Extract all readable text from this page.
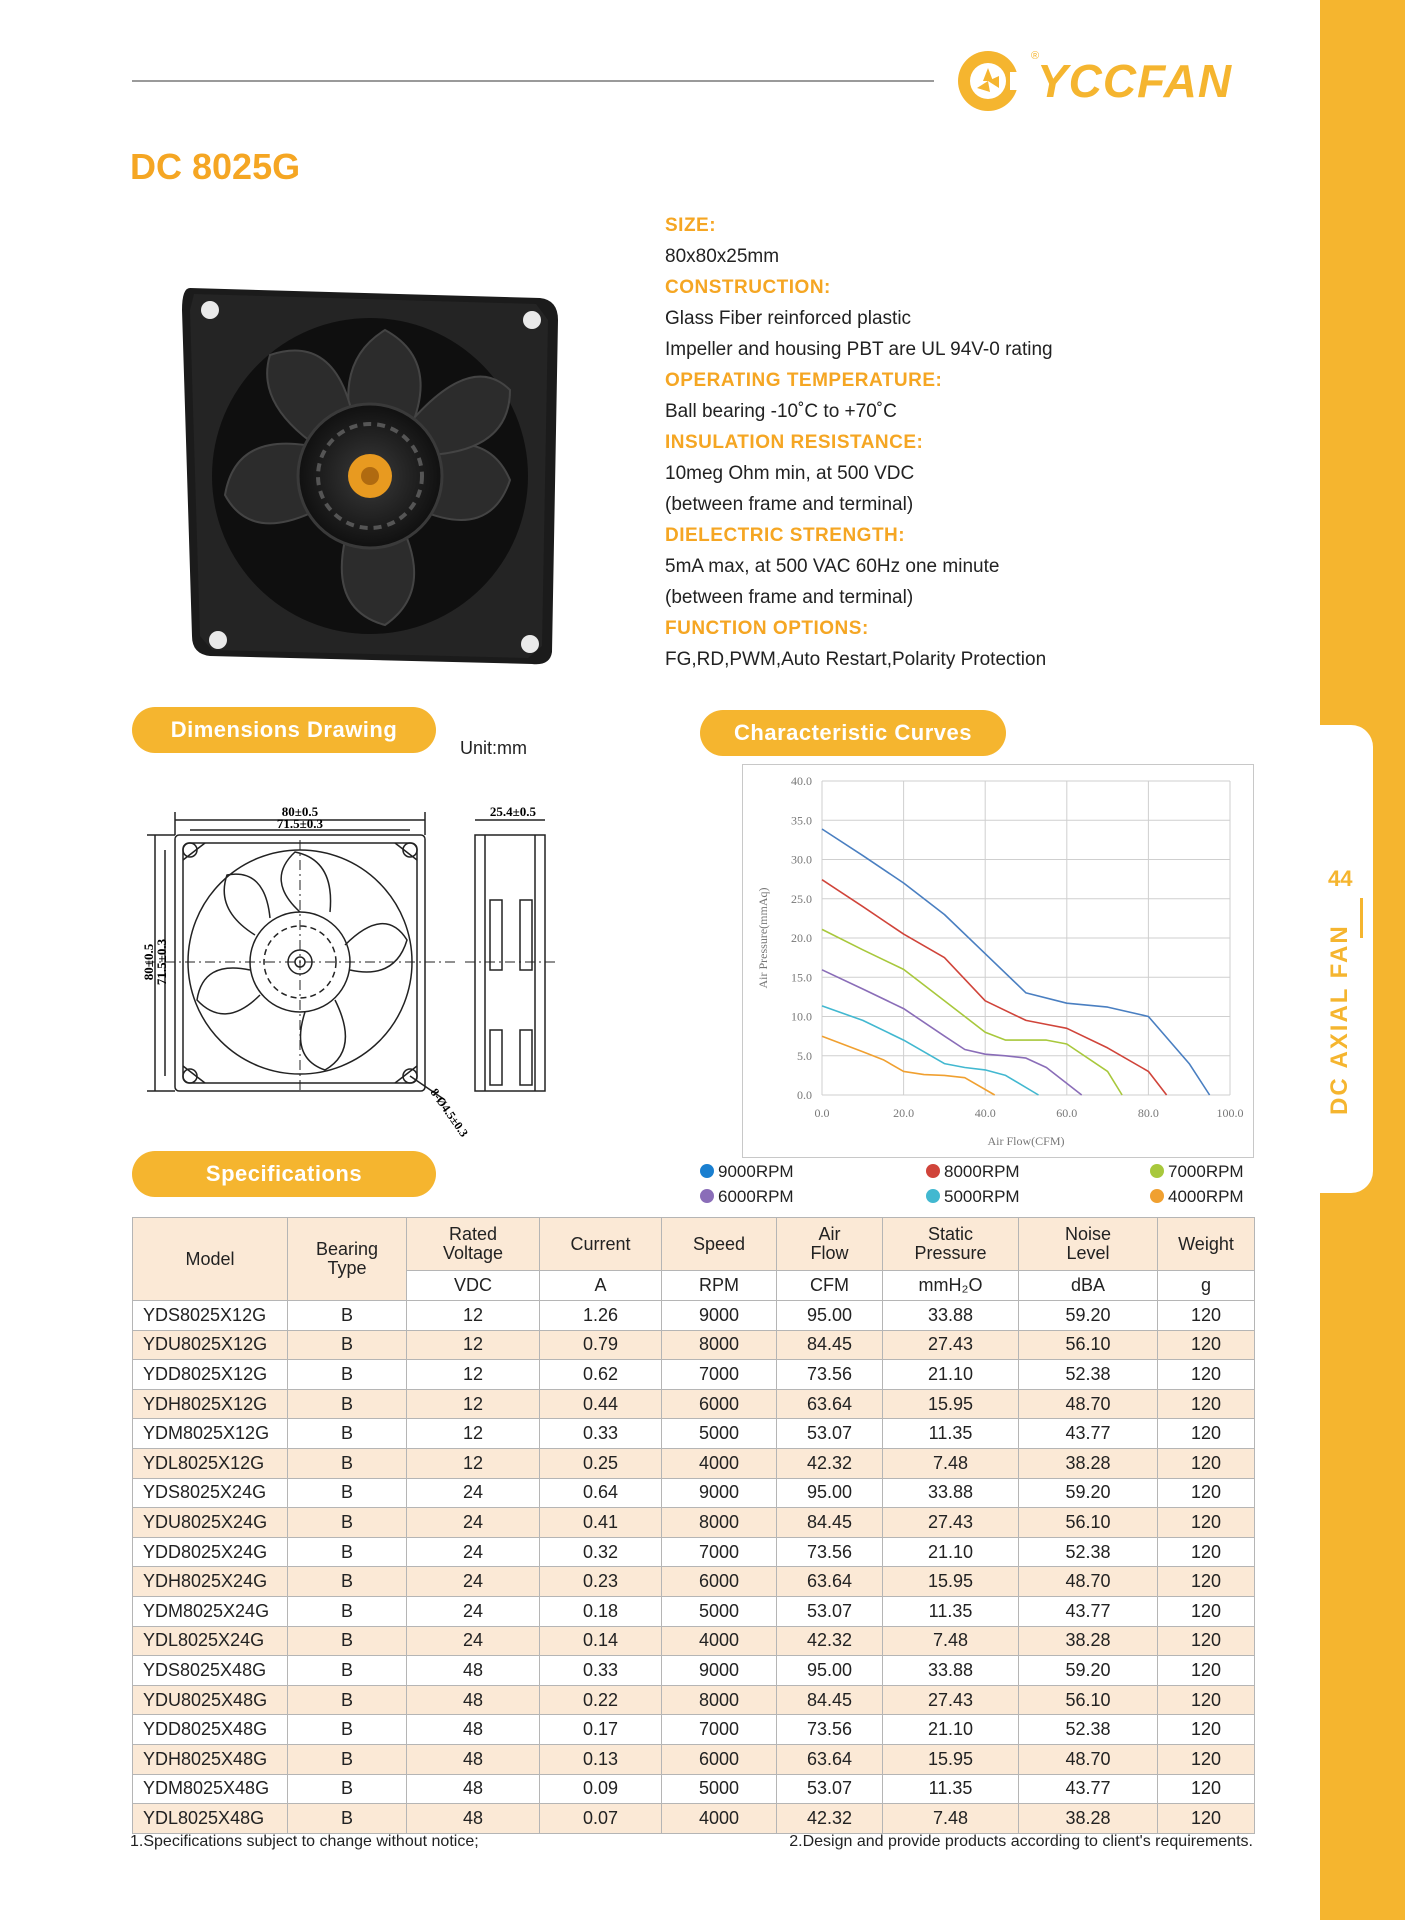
44
DC AXIAL FAN
®
YCCFAN
DC 8025G
SIZE:
80x80x25mm
CONSTRUCTION:
Glass Fiber reinforced plastic
Impeller and housing PBT are UL 94V-0 rating
OPERATING TEMPERATURE:
Ball bearing -10˚C to +70˚C
INSULATION RESISTANCE:
10meg Ohm min, at 500 VDC
(between frame and terminal)
DIELECTRIC STRENGTH:
5mA max, at 500 VAC 60Hz one minute
(between frame and terminal)
FUNCTION OPTIONS:
FG,RD,PWM,Auto Restart,Polarity Protection
Dimensions Drawing
Unit:mm
Characteristic Curves
Specifications
80±0.5
71.5±0.3
25.4±0.5
80±0.5
71.5±0.3
8-Ø4.5±0.3	0.0	20.0	40.0	60.0	80.0	100.0
0.0
5.0
10.0
15.0
20.0
25.0
30.0
35.0
40.0
Air Flow(CFM)
Air Pressure(mmAq)
9000RPM	8000RPM	7000RPM
6000RPM	5000RPM	4000RPM
Model	Bearing Type	Rated Voltage	Current	Speed	Air Flow	Static Pressure	Noise Level	Weight
		VDC	A	RPM	CFM	mmH₂O	dBA	g
YDS8025X12G	B	12	1.26	9000	95.00	33.88	59.20	120
YDU8025X12G	B	12	0.79	8000	84.45	27.43	56.10	120
YDD8025X12G	B	12	0.62	7000	73.56	21.10	52.38	120
YDH8025X12G	B	12	0.44	6000	63.64	15.95	48.70	120
YDM8025X12G	B	12	0.33	5000	53.07	11.35	43.77	120
YDL8025X12G	B	12	0.25	4000	42.32	7.48	38.28	120
YDS8025X24G	B	24	0.64	9000	95.00	33.88	59.20	120
YDU8025X24G	B	24	0.41	8000	84.45	27.43	56.10	120
YDD8025X24G	B	24	0.32	7000	73.56	21.10	52.38	120
YDH8025X24G	B	24	0.23	6000	63.64	15.95	48.70	120
YDM8025X24G	B	24	0.18	5000	53.07	11.35	43.77	120
YDL8025X24G	B	24	0.14	4000	42.32	7.48	38.28	120
YDS8025X48G	B	48	0.33	9000	95.00	33.88	59.20	120
YDU8025X48G	B	48	0.22	8000	84.45	27.43	56.10	120
YDD8025X48G	B	48	0.17	7000	73.56	21.10	52.38	120
YDH8025X48G	B	48	0.13	6000	63.64	15.95	48.70	120
YDM8025X48G	B	48	0.09	5000	53.07	11.35	43.77	120
YDL8025X48G	B	48	0.07	4000	42.32	7.48	38.28	120
1.Specifications subject to change without notice;	2.Design and provide products according to client's requirements.
